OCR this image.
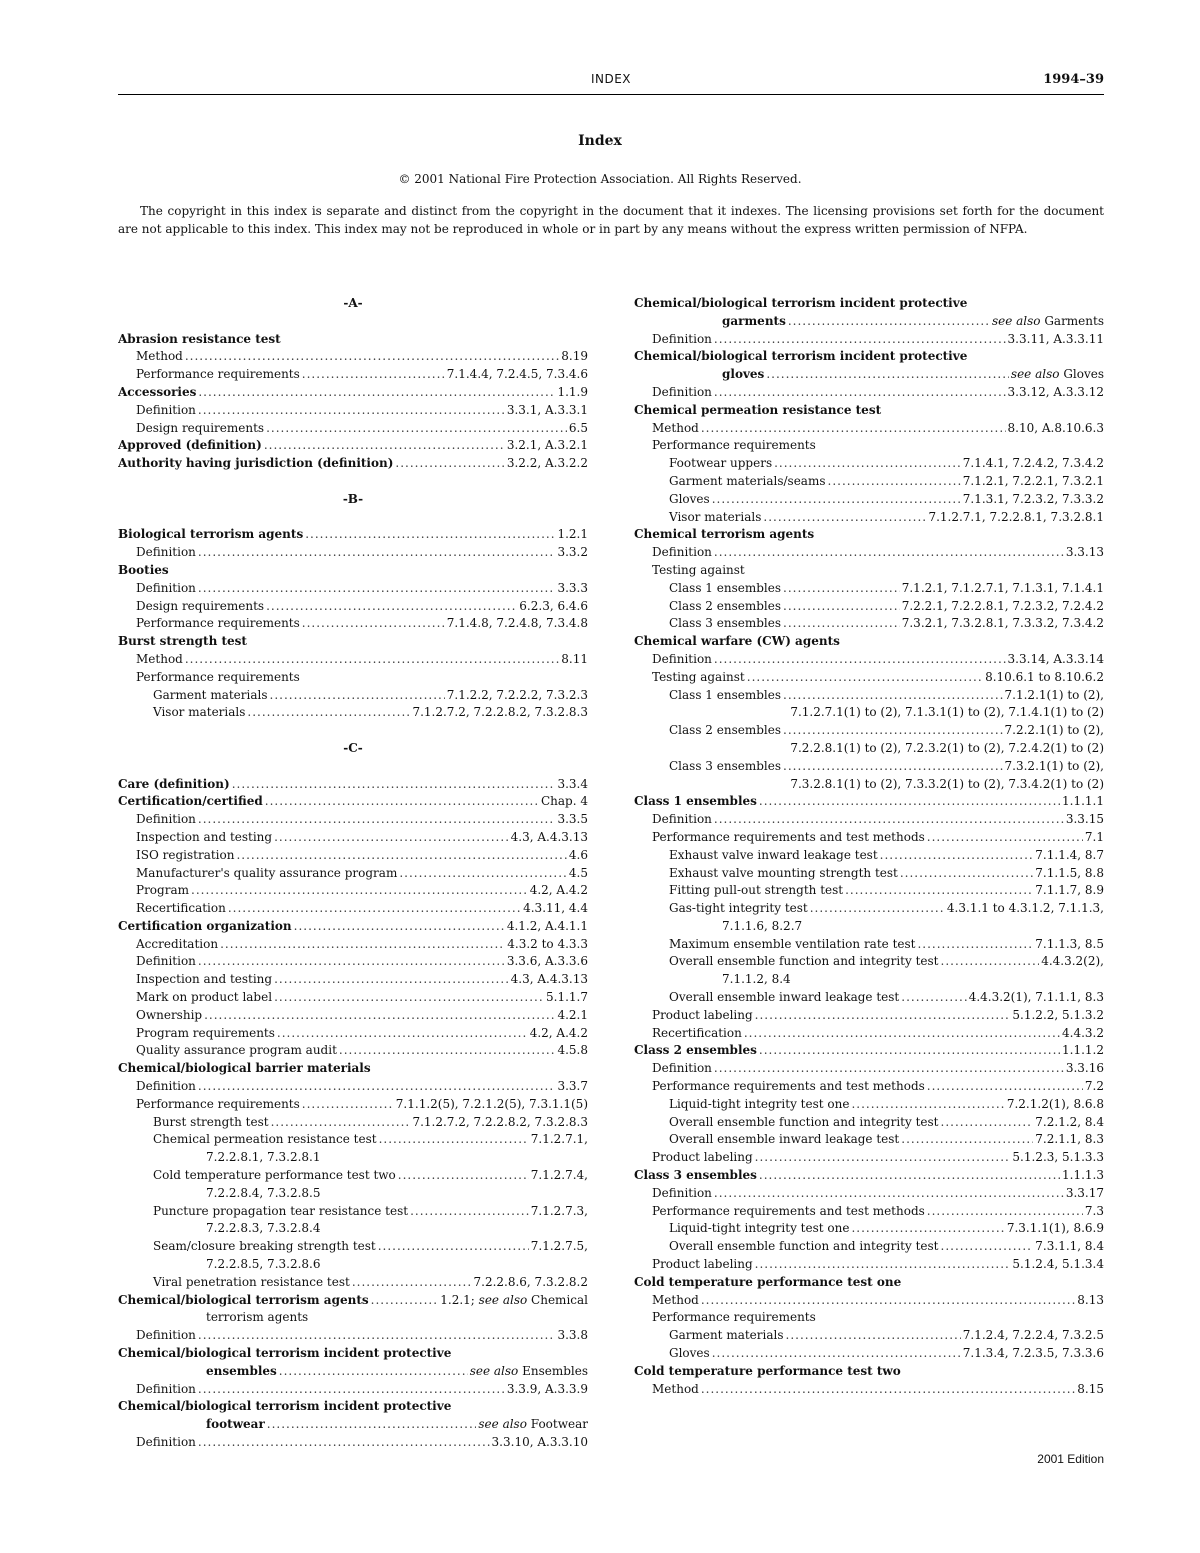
INDEX	1994–39
Index
© 2001 National Fire Protection Association. All Rights Reserved.
The copyright in this index is separate and distinct from the copyright in the document that it indexes. The licensing provisions set forth for the document are not applicable to this index. This index may not be reproduced in whole or in part by any means without the express written permission of NFPA.
-A-
Abrasion resistance test
Method .....	8.19
Performance requirements .....	7.1.4.4, 7.2.4.5, 7.3.4.6
Accessories .....	1.1.9
Definition .....	3.3.1, A.3.3.1
Design requirements .....	6.5
Approved (definition) .....	3.2.1, A.3.2.1
Authority having jurisdiction (definition) .....	3.2.2, A.3.2.2
-B-
Biological terrorism agents .....	1.2.1
Definition .....	3.3.2
Booties
Definition .....	3.3.3
Design requirements .....	6.2.3, 6.4.6
Performance requirements .....	7.1.4.8, 7.2.4.8, 7.3.4.8
Burst strength test
Method .....	8.11
Performance requirements
Garment materials .....	7.1.2.2, 7.2.2.2, 7.3.2.3
Visor materials .....	7.1.2.7.2, 7.2.2.8.2, 7.3.2.8.3
-C-
Care (definition) .....	3.3.4
Certification/certified .....	Chap. 4
Definition .....	3.3.5
Inspection and testing .....	4.3, A.4.3.13
ISO registration .....	4.6
Manufacturer's quality assurance program .....	4.5
Program .....	4.2, A.4.2
Recertification .....	4.3.11, 4.4
Certification organization .....	4.1.2, A.4.1.1
Accreditation .....	4.3.2 to 4.3.3
Definition .....	3.3.6, A.3.3.6
Inspection and testing .....	4.3, A.4.3.13
Mark on product label .....	5.1.1.7
Ownership .....	4.2.1
Program requirements .....	4.2, A.4.2
Quality assurance program audit .....	4.5.8
Chemical/biological barrier materials
Definition .....	3.3.7
Performance requirements .....	7.1.1.2(5), 7.2.1.2(5), 7.3.1.1(5)
Burst strength test .....	7.1.2.7.2, 7.2.2.8.2, 7.3.2.8.3
Chemical permeation resistance test .....	7.1.2.7.1,
7.2.2.8.1, 7.3.2.8.1
Cold temperature performance test two .....	7.1.2.7.4,
7.2.2.8.4, 7.3.2.8.5
Puncture propagation tear resistance test .....	7.1.2.7.3,
7.2.2.8.3, 7.3.2.8.4
Seam/closure breaking strength test .....	7.1.2.7.5,
7.2.2.8.5, 7.3.2.8.6
Viral penetration resistance test .....	7.2.2.8.6, 7.3.2.8.2
Chemical/biological terrorism agents .....	1.2.1; see also Chemical
terrorism agents
Definition .....	3.3.8
Chemical/biological terrorism incident protective
ensembles .....	see also Ensembles
Definition .....	3.3.9, A.3.3.9
Chemical/biological terrorism incident protective
footwear .....	see also Footwear
Definition .....	3.3.10, A.3.3.10
Chemical/biological terrorism incident protective
garments .....	see also Garments
Definition .....	3.3.11, A.3.3.11
Chemical/biological terrorism incident protective
gloves .....	see also Gloves
Definition .....	3.3.12, A.3.3.12
Chemical permeation resistance test
Method .....	8.10, A.8.10.6.3
Performance requirements
Footwear uppers .....	7.1.4.1, 7.2.4.2, 7.3.4.2
Garment materials/seams .....	7.1.2.1, 7.2.2.1, 7.3.2.1
Gloves .....	7.1.3.1, 7.2.3.2, 7.3.3.2
Visor materials .....	7.1.2.7.1, 7.2.2.8.1, 7.3.2.8.1
Chemical terrorism agents
Definition .....	3.3.13
Testing against
Class 1 ensembles .....	7.1.2.1, 7.1.2.7.1, 7.1.3.1, 7.1.4.1
Class 2 ensembles .....	7.2.2.1, 7.2.2.8.1, 7.2.3.2, 7.2.4.2
Class 3 ensembles .....	7.3.2.1, 7.3.2.8.1, 7.3.3.2, 7.3.4.2
Chemical warfare (CW) agents
Definition .....	3.3.14, A.3.3.14
Testing against .....	8.10.6.1 to 8.10.6.2
Class 1 ensembles .....	7.1.2.1(1) to (2),
7.1.2.7.1(1) to (2), 7.1.3.1(1) to (2), 7.1.4.1(1) to (2)
Class 2 ensembles .....	7.2.2.1(1) to (2),
7.2.2.8.1(1) to (2), 7.2.3.2(1) to (2), 7.2.4.2(1) to (2)
Class 3 ensembles .....	7.3.2.1(1) to (2),
7.3.2.8.1(1) to (2), 7.3.3.2(1) to (2), 7.3.4.2(1) to (2)
Class 1 ensembles .....	1.1.1.1
Definition .....	3.3.15
Performance requirements and test methods .....	7.1
Exhaust valve inward leakage test .....	7.1.1.4, 8.7
Exhaust valve mounting strength test .....	7.1.1.5, 8.8
Fitting pull-out strength test .....	7.1.1.7, 8.9
Gas-tight integrity test .....	4.3.1.1 to 4.3.1.2, 7.1.1.3,
7.1.1.6, 8.2.7
Maximum ensemble ventilation rate test .....	7.1.1.3, 8.5
Overall ensemble function and integrity test .....	4.4.3.2(2),
7.1.1.2, 8.4
Overall ensemble inward leakage test .....	4.4.3.2(1), 7.1.1.1, 8.3
Product labeling .....	5.1.2.2, 5.1.3.2
Recertification .....	4.4.3.2
Class 2 ensembles .....	1.1.1.2
Definition .....	3.3.16
Performance requirements and test methods .....	7.2
Liquid-tight integrity test one .....	7.2.1.2(1), 8.6.8
Overall ensemble function and integrity test .....	7.2.1.2, 8.4
Overall ensemble inward leakage test .....	7.2.1.1, 8.3
Product labeling .....	5.1.2.3, 5.1.3.3
Class 3 ensembles .....	1.1.1.3
Definition .....	3.3.17
Performance requirements and test methods .....	7.3
Liquid-tight integrity test one .....	7.3.1.1(1), 8.6.9
Overall ensemble function and integrity test .....	7.3.1.1, 8.4
Product labeling .....	5.1.2.4, 5.1.3.4
Cold temperature performance test one
Method .....	8.13
Performance requirements
Garment materials .....	7.1.2.4, 7.2.2.4, 7.3.2.5
Gloves .....	7.1.3.4, 7.2.3.5, 7.3.3.6
Cold temperature performance test two
Method .....	8.15
2001 Edition
